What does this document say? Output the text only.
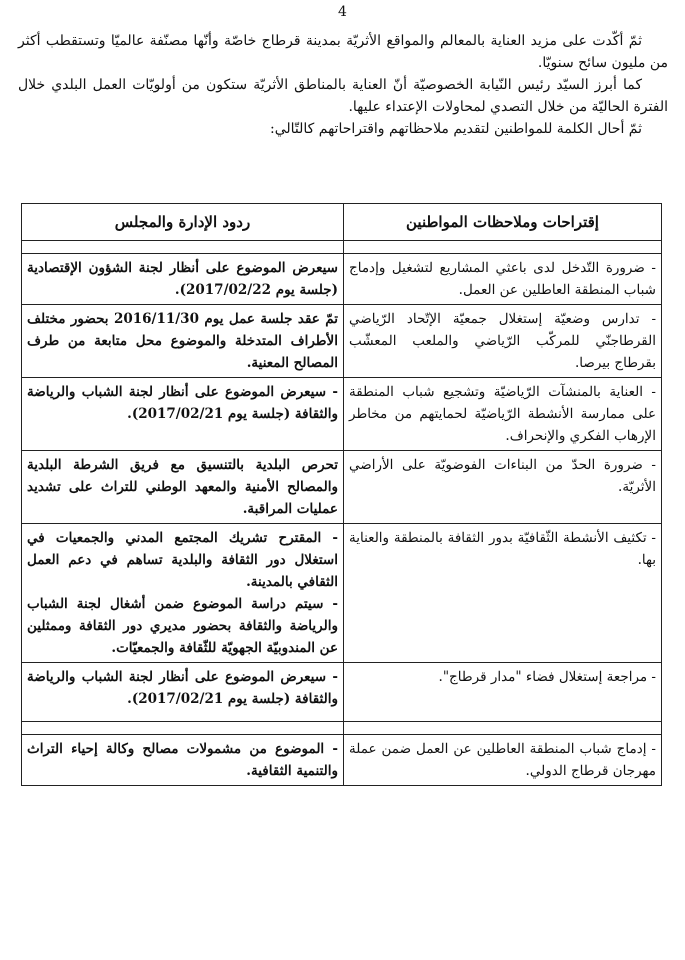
4

ثمّ أكّدت على مزيد العناية بالمعالم والمواقع الأثريّة بمدينة قرطاج خاصّة وأنّها مصنّفة عالميّا وتستقطب أكثر من مليون سائح سنويّا.

كما أبرز السيّد رئيس النّيابة الخصوصيّة أنّ العناية بالمناطق الأثريّة ستكون من أولويّات العمل البلدي خلال الفترة الحاليّة من خلال التصدي لمحاولات الإعتداء عليها.

ثمّ أحال الكلمة للمواطنين لتقديم ملاحظاتهم واقتراحاتهم كالتّالي:

إقتراحات وملاحظات المواطنين	ردود الإدارة والمجلس

- ضرورة التّدخل لدى باعثي المشاريع لتشغيل وإدماج شباب المنطقة العاطلين عن العمل.	سيعرض الموضوع على أنظار لجنة الشؤون الإقتصادية (جلسة يوم 2017/02/22).
- تدارس وضعيّة إستغلال جمعيّة الإتّحاد الرّياضي القرطاجنّي للمركّب الرّياضي والملعب المعشّب بقرطاج بيرصا.	تمّ عقد جلسة عمل يوم 2016/11/30 بحضور مختلف الأطراف المتدخلة والموضوع محل متابعة من طرف المصالح المعنية.
- العناية بالمنشآت الرّياضيّة وتشجيع شباب المنطقة على ممارسة الأنشطة الرّياضيّة لحمايتهم من مخاطر الإرهاب الفكري والإنحراف.	- سيعرض الموضوع على أنظار لجنة الشباب والرياضة والثقافة (جلسة يوم 2017/02/21).
- ضرورة الحدّ من البناءات الفوضويّة على الأراضي الأثريّة.	تحرص البلدية بالتنسيق مع فريق الشرطة البلدية والمصالح الأمنية والمعهد الوطني للتراث على تشديد عمليات المراقبة.
- تكثيف الأنشطة الثّقافيّة بدور الثقافة بالمنطقة والعناية بها.	- المقترح تشريك المجتمع المدني والجمعيات في استغلال دور الثقافة والبلدية تساهم في دعم العمل الثقافي بالمدينة.
- سيتم دراسة الموضوع ضمن أشغال لجنة الشباب والرياضة والثقافة بحضور مديري دور الثقافة وممثلين عن المندوبيّة الجهويّة للثّقافة والجمعيّات.
- مراجعة إستغلال فضاء "مدار قرطاج".	- سيعرض الموضوع على أنظار لجنة الشباب والرياضة والثقافة (جلسة يوم 2017/02/21).

- إدماج شباب المنطقة العاطلين عن العمل ضمن عملة مهرجان قرطاج الدولي.	- الموضوع من مشمولات مصالح وكالة إحياء التراث والتنمية الثقافية.
